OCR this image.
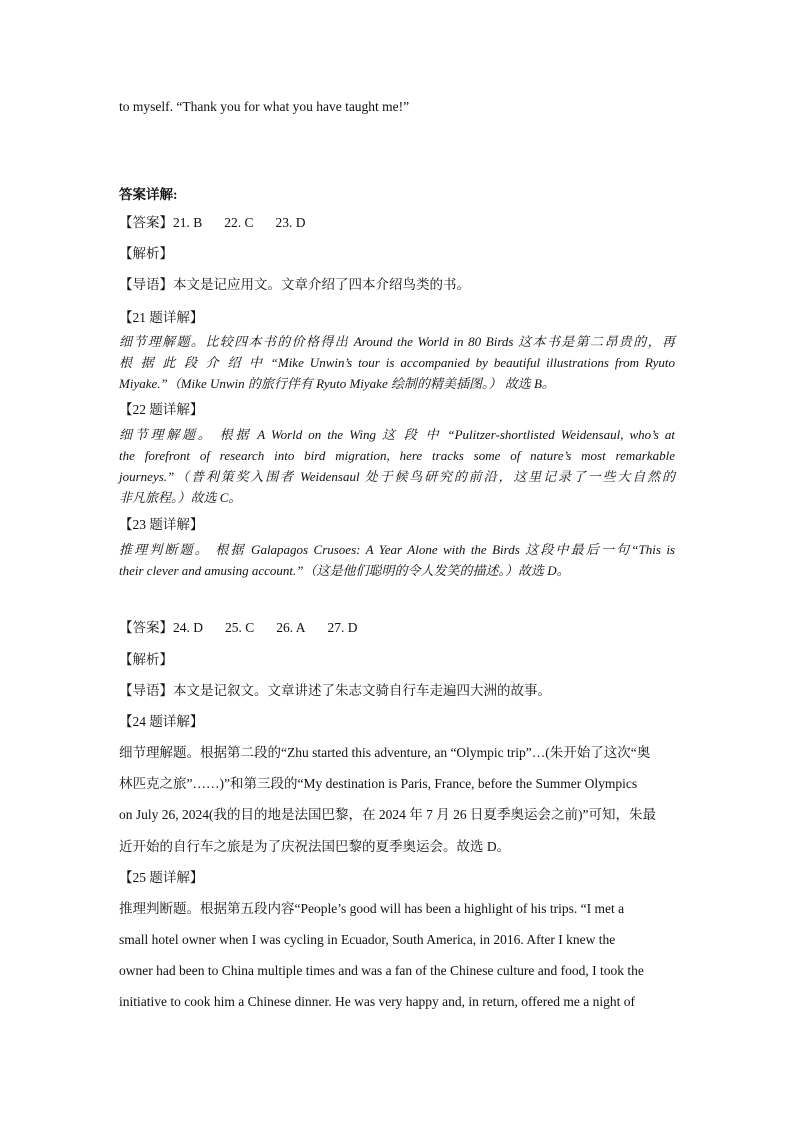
to myself. “Thank you for what you have taught me!”
答案详解:
【答案】21. B 22. C 23. D
【解析】
【导语】本文是记应用文。文章介绍了四本介绍鸟类的书。
【21 题详解】
细节理解题。比较四本书的价格得出 Around the World in 80 Birds 这本书是第二昂贵的，再
根 据 此 段 介 绍 中 “Mike Unwin’s tour is accompanied by beautiful illustrations from Ryuto
Miyake.”（Mike Unwin 的旅行伴有 Ryuto Miyake 绘制的精美插图。） 故选 B。
【22 题详解】
细节理解题。 根据 A World on the Wing 这 段 中 “Pulitzer-shortlisted Weidensaul, who’s at
the forefront of research into bird migration, here tracks some of nature’s most remarkable
journeys.”（普利策奖入围者 Weidensaul 处于候鸟研究的前沿，这里记录了一些大自然的
非凡旅程。）故选 C。
【23 题详解】
推理判断题。 根据 Galapagos Crusoes: A Year Alone with the Birds 这段中最后一句“This is
their clever and amusing account.”（这是他们聪明的令人发笑的描述。）故选 D。
【答案】24. D 25. C 26. A 27. D
【解析】
【导语】本文是记叙文。文章讲述了朱志文骑自行车走遍四大洲的故事。
【24 题详解】
细节理解题。根据第二段的“Zhu started this adventure, an “Olympic trip”…(朱开始了这次“奥
林匹克之旅”……)”和第三段的“My destination is Paris, France, before the Summer Olympics
on July 26, 2024(我的目的地是法国巴黎，在 2024 年 7 月 26 日夏季奥运会之前)”可知，朱最
近开始的自行车之旅是为了庆祝法国巴黎的夏季奥运会。故选 D。
【25 题详解】
推理判断题。根据第五段内容“People’s good will has been a highlight of his trips. “I met a
small hotel owner when I was cycling in Ecuador, South America, in 2016. After I knew the
owner had been to China multiple times and was a fan of the Chinese culture and food, I took the
initiative to cook him a Chinese dinner. He was very happy and, in return, offered me a night of
